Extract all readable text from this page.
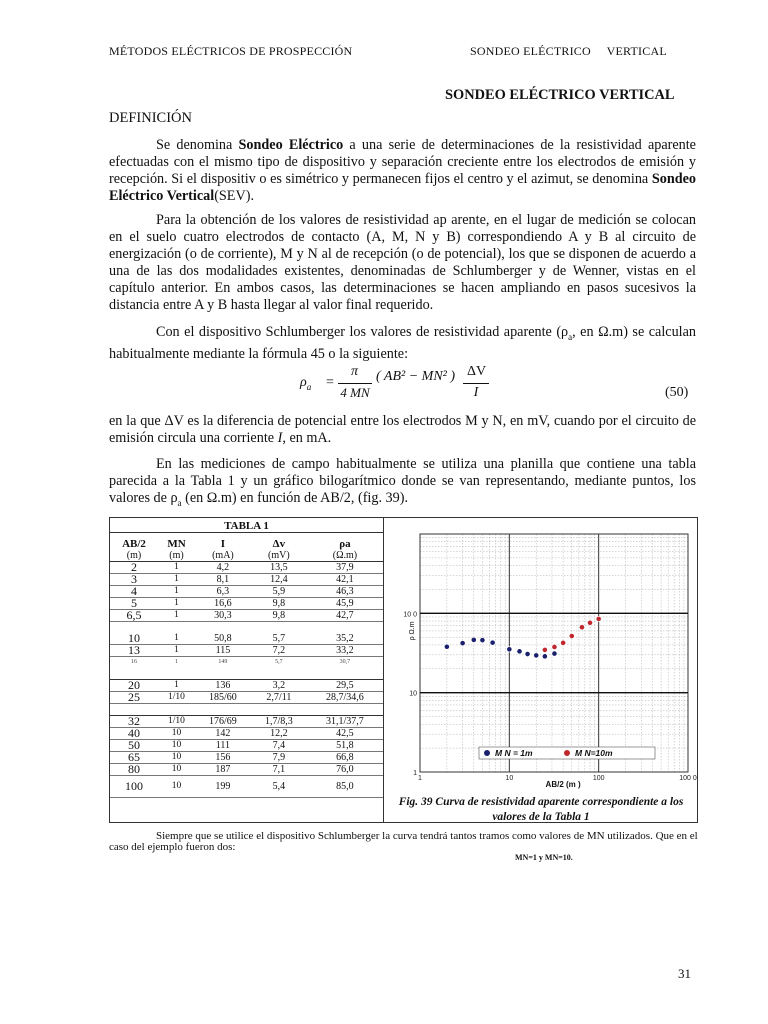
MÉTODOS ELÉCTRICOS DE PROSPECCIÓN	SONDEO ELÉCTRICO     VERTICAL
SONDEO ELÉCTRICO VERTICAL
DEFINICIÓN
Se denomina Sondeo Eléctrico a una serie de determinaciones de la resistividad aparente efectuadas con el mismo tipo de dispositivo y separación creciente entre los electrodos de emisión y recepción. Si el dispositiv o es simétrico y permanecen fijos el centro y el azimut, se denomina Sondeo Eléctrico Vertical(SEV).
Para la obtención de los valores de resistividad ap arente, en el lugar de medición se colocan en el suelo cuatro electrodos de contacto (A, M, N y B) correspondiendo A y B al circuito de energización (o de corriente), M y N al de recepción (o de potencial), los que se disponen de acuerdo a una de las dos modalidades existentes, denominadas de Schlumberger y de Wenner, vistas en el capítulo anterior. En ambos casos, las determinaciones se hacen ampliando en pasos sucesivos la distancia entre A y B hasta llegar al valor final requerido.
Con el dispositivo Schlumberger los valores de resistividad aparente ($\rho_a$, en Ω.m) se calculan habitualmente mediante la fórmula 45 o la siguiente:
$\rho_a$ =
π
4 MN
( AB² − MN² ) ΔV
I	(50)
en la que ΔV es la diferencia de potencial entre los electrodos M y N, en mV, cuando por el circuito de emisión circula una corriente I, en mA.
En las mediciones de campo habitualmente se utiliza una planilla que contiene una tabla parecida a la Tabla 1 y un gráfico bilogarítmico donde se van representando, mediante puntos, los valores de $\rho_a$ (en Ω.m) en función de AB/2, (fig. 39).
TABLA 1
AB/2	MN	I	Δv	ρa
(m)	(m)	(mA)	(mV)	(Ω.m)
2	1	4,2	13,5	37,9
3	1	8,1	12,4	42,1
4	1	6,3	5,9	46,3
5	1	16,6	9,8	45,9
6,5	1	30,3	9,8	42,7

10	1	50,8	5,7	35,2
13	1	115	7,2	33,2
16	1	149	5,7	30,7

20	1	136	3,2	29,5
25	1/10	185/60	2,7/11	28,7/34,6

32	1/10	176/69	1,7/8,3	31,1/37,7
40	10	142	12,2	42,5
50	10	111	7,4	51,8
65	10	156	7,9	66,8
80	10	187	7,1	76,0
100	10	199	5,4	85,0
1
10
10 0
1	10	100	100 0
AB/2 (m )
ρ Ω.m
M N = 1m	M N=10m
Fig. 39 Curva de resistividad aparente correspondiente a los valores de la Tabla 1
Siempre que se utilice el dispositivo Schlumberger la curva tendrá tantos tramos como valores de MN utilizados. Que en el caso del ejemplo fueron dos:
MN=1 y MN=10.
31
